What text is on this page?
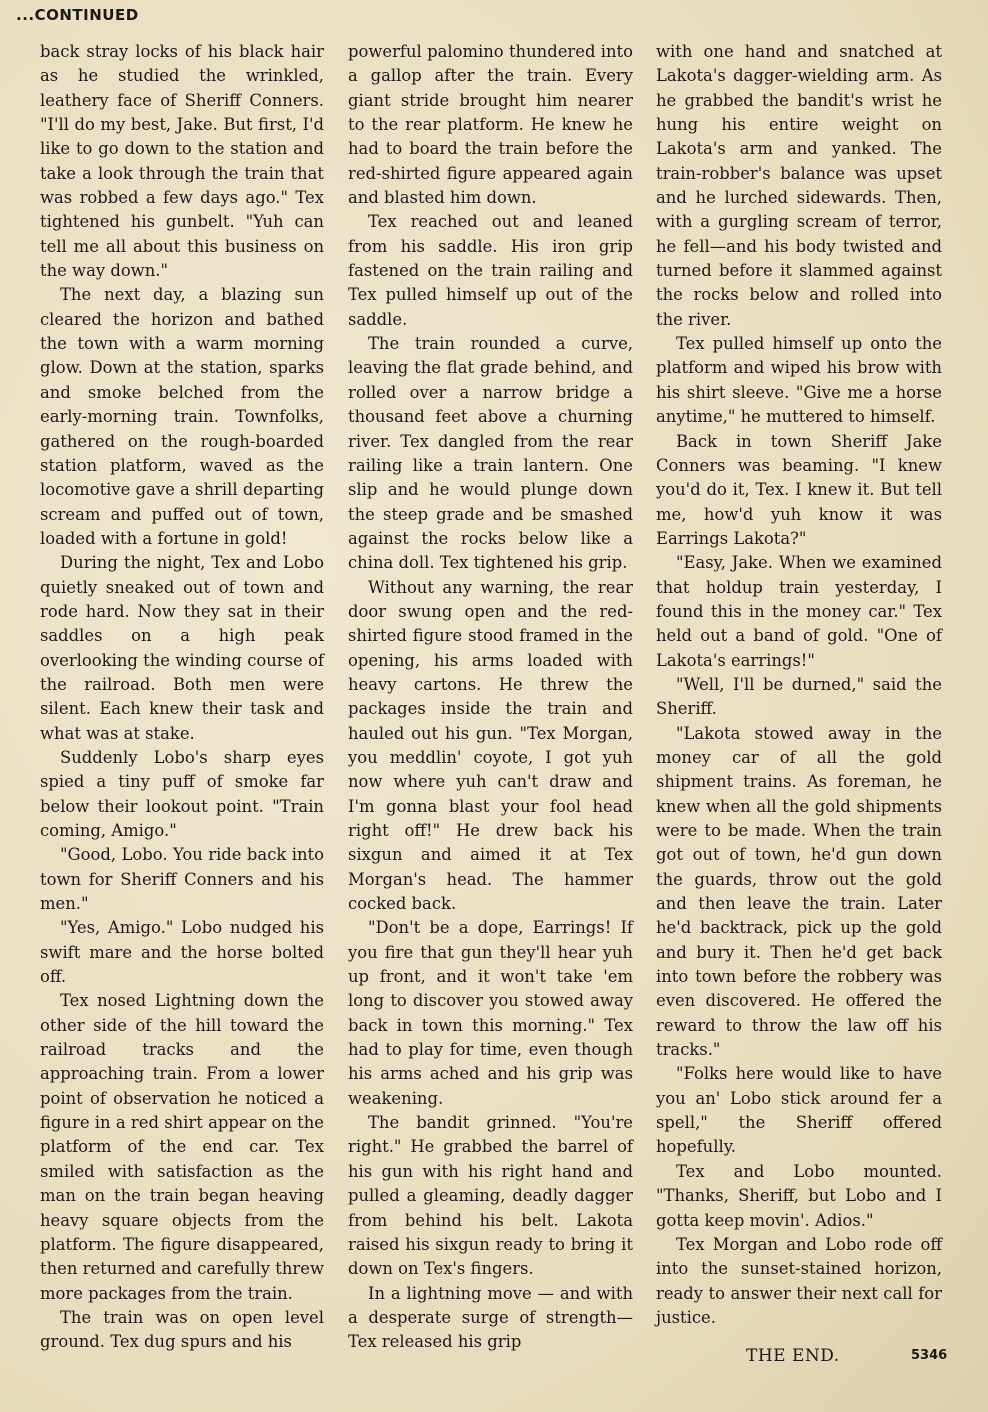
...CONTINUED

back stray locks of his black hair as he studied the wrinkled, leathery face of Sheriff Conners. "I'll do my best, Jake. But first, I'd like to go down to the station and take a look through the train that was robbed a few days ago." Tex tightened his gunbelt. "Yuh can tell me all about this business on the way down."

The next day, a blazing sun cleared the horizon and bathed the town with a warm morning glow. Down at the station, sparks and smoke belched from the early-morning train. Townfolks, gathered on the rough-boarded station platform, waved as the locomotive gave a shrill departing scream and puffed out of town, loaded with a fortune in gold!

During the night, Tex and Lobo quietly sneaked out of town and rode hard. Now they sat in their saddles on a high peak overlooking the winding course of the railroad. Both men were silent. Each knew their task and what was at stake.

Suddenly Lobo's sharp eyes spied a tiny puff of smoke far below their lookout point. "Train coming, Amigo."

"Good, Lobo. You ride back into town for Sheriff Conners and his men."

"Yes, Amigo." Lobo nudged his swift mare and the horse bolted off.

Tex nosed Lightning down the other side of the hill toward the railroad tracks and the approaching train. From a lower point of observation he noticed a figure in a red shirt appear on the platform of the end car. Tex smiled with satisfaction as the man on the train began heaving heavy square objects from the platform. The figure disappeared, then returned and carefully threw more packages from the train.

The train was on open level ground. Tex dug spurs and his

powerful palomino thundered into a gallop after the train. Every giant stride brought him nearer to the rear platform. He knew he had to board the train before the red-shirted figure appeared again and blasted him down.

Tex reached out and leaned from his saddle. His iron grip fastened on the train railing and Tex pulled himself up out of the saddle.

The train rounded a curve, leaving the flat grade behind, and rolled over a narrow bridge a thousand feet above a churning river. Tex dangled from the rear railing like a train lantern. One slip and he would plunge down the steep grade and be smashed against the rocks below like a china doll. Tex tightened his grip.

Without any warning, the rear door swung open and the red-shirted figure stood framed in the opening, his arms loaded with heavy cartons. He threw the packages inside the train and hauled out his gun. "Tex Morgan, you meddlin' coyote, I got yuh now where yuh can't draw and I'm gonna blast your fool head right off!" He drew back his sixgun and aimed it at Tex Morgan's head. The hammer cocked back.

"Don't be a dope, Earrings! If you fire that gun they'll hear yuh up front, and it won't take 'em long to discover you stowed away back in town this morning." Tex had to play for time, even though his arms ached and his grip was weakening.

The bandit grinned. "You're right." He grabbed the barrel of his gun with his right hand and pulled a gleaming, deadly dagger from behind his belt. Lakota raised his sixgun ready to bring it down on Tex's fingers.

In a lightning move — and with a desperate surge of strength—Tex released his grip

with one hand and snatched at Lakota's dagger-wielding arm. As he grabbed the bandit's wrist he hung his entire weight on Lakota's arm and yanked. The train-robber's balance was upset and he lurched sidewards. Then, with a gurgling scream of terror, he fell—and his body twisted and turned before it slammed against the rocks below and rolled into the river.

Tex pulled himself up onto the platform and wiped his brow with his shirt sleeve. "Give me a horse anytime," he muttered to himself.

Back in town Sheriff Jake Conners was beaming. "I knew you'd do it, Tex. I knew it. But tell me, how'd yuh know it was Earrings Lakota?"

"Easy, Jake. When we examined that holdup train yesterday, I found this in the money car." Tex held out a band of gold. "One of Lakota's earrings!"

"Well, I'll be durned," said the Sheriff.

"Lakota stowed away in the money car of all the gold shipment trains. As foreman, he knew when all the gold shipments were to be made. When the train got out of town, he'd gun down the guards, throw out the gold and then leave the train. Later he'd backtrack, pick up the gold and bury it. Then he'd get back into town before the robbery was even discovered. He offered the reward to throw the law off his tracks."

"Folks here would like to have you an' Lobo stick around fer a spell," the Sheriff offered hopefully.

Tex and Lobo mounted. "Thanks, Sheriff, but Lobo and I gotta keep movin'. Adios."

Tex Morgan and Lobo rode off into the sunset-stained horizon, ready to answer their next call for justice.

THE END.	5346
